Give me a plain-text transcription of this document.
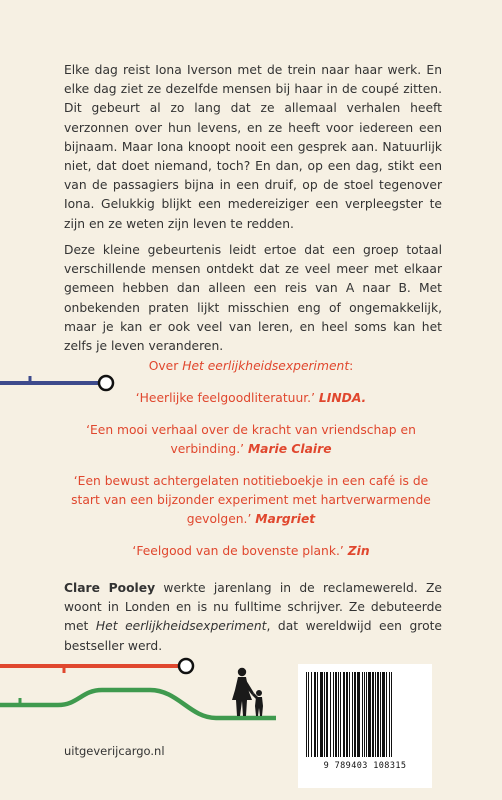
Elke dag reist Iona Iverson met de trein naar haar werk. En elke dag ziet ze dezelfde mensen bij haar in de coupé zitten. Dit gebeurt al zo lang dat ze allemaal verhalen heeft verzonnen over hun levens, en ze heeft voor iedereen een bijnaam. Maar Iona knoopt nooit een gesprek aan. Natuurlijk niet, dat doet niemand, toch? En dan, op een dag, stikt een van de passagiers bijna in een druif, op de stoel tegenover Iona. Gelukkig blijkt een medereiziger een verpleegster te zijn en ze weten zijn leven te redden.

Deze kleine gebeurtenis leidt ertoe dat een groep totaal verschillende mensen ontdekt dat ze veel meer met elkaar gemeen hebben dan alleen een reis van A naar B. Met onbekenden praten lijkt misschien eng of ongemakkelijk, maar je kan er ook veel van leren, en heel soms kan het zelfs je leven veranderen.

Over Het eerlijkheidsexperiment:

‘Heerlijke feelgoodliteratuur.’ LINDA.

‘Een mooi verhaal over de kracht van vriendschap en verbinding.’ Marie Claire

‘Een bewust achtergelaten notitieboekje in een café is de start van een bijzonder experiment met hartverwarmende gevolgen.’ Margriet

‘Feelgood van de bovenste plank.’ Zin

Clare Pooley werkte jarenlang in de reclamewereld. Ze woont in Londen en is nu fulltime schrijver. Ze debuteerde met Het eerlijkheidsexperiment, dat wereldwijd een grote bestseller werd.

uitgeverijcargo.nl
9 789403 108315
